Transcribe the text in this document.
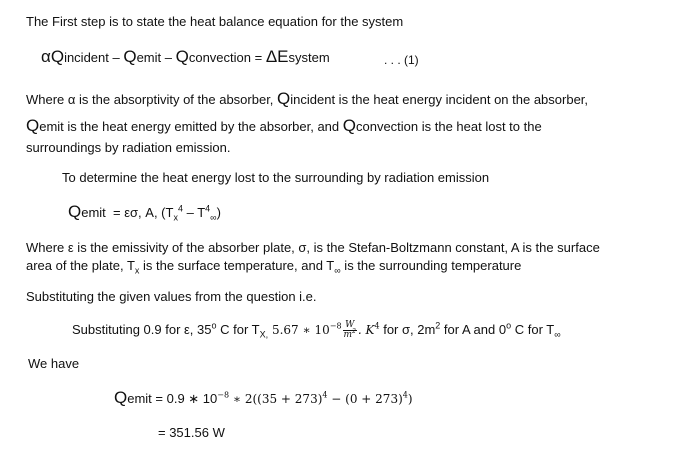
The First step is to state the heat balance equation for the system
αQincident – Qemit – Qconvection = ΔEsystem	. . . (1)
Where α is the absorptivity of the absorber, Qincident is the heat energy incident on the absorber,
Qemit is the heat energy emitted by the absorber, and Qconvection is the heat lost to the
surroundings by radiation emission.
To determine the heat energy lost to the surrounding by radiation emission
Qemit = εσ, A, $(T_x^4 - T^4_\infty)$
Where ε is the emissivity of the absorber plate, σ, is the Stefan-Boltzmann constant, A is the surface
area of the plate, $T_x$ is the surface temperature, and $T_\infty$ is the surrounding temperature
Substituting the given values from the question i.e.
Substituting 0.9 for ε, 35$^o$ C for $T_{X,}$ 5.67 ∗ $10^{-8} \frac{W}{m^2}$ . $K^4$ for σ, $2m^2$ for A and 0$^o$ C for $T_\infty$
We have
Qemit = 0.9 ∗ $10^{-8}$ ∗ $2((35 + 273)^4 - (0 + 273)^4)$
= 351.56 W
